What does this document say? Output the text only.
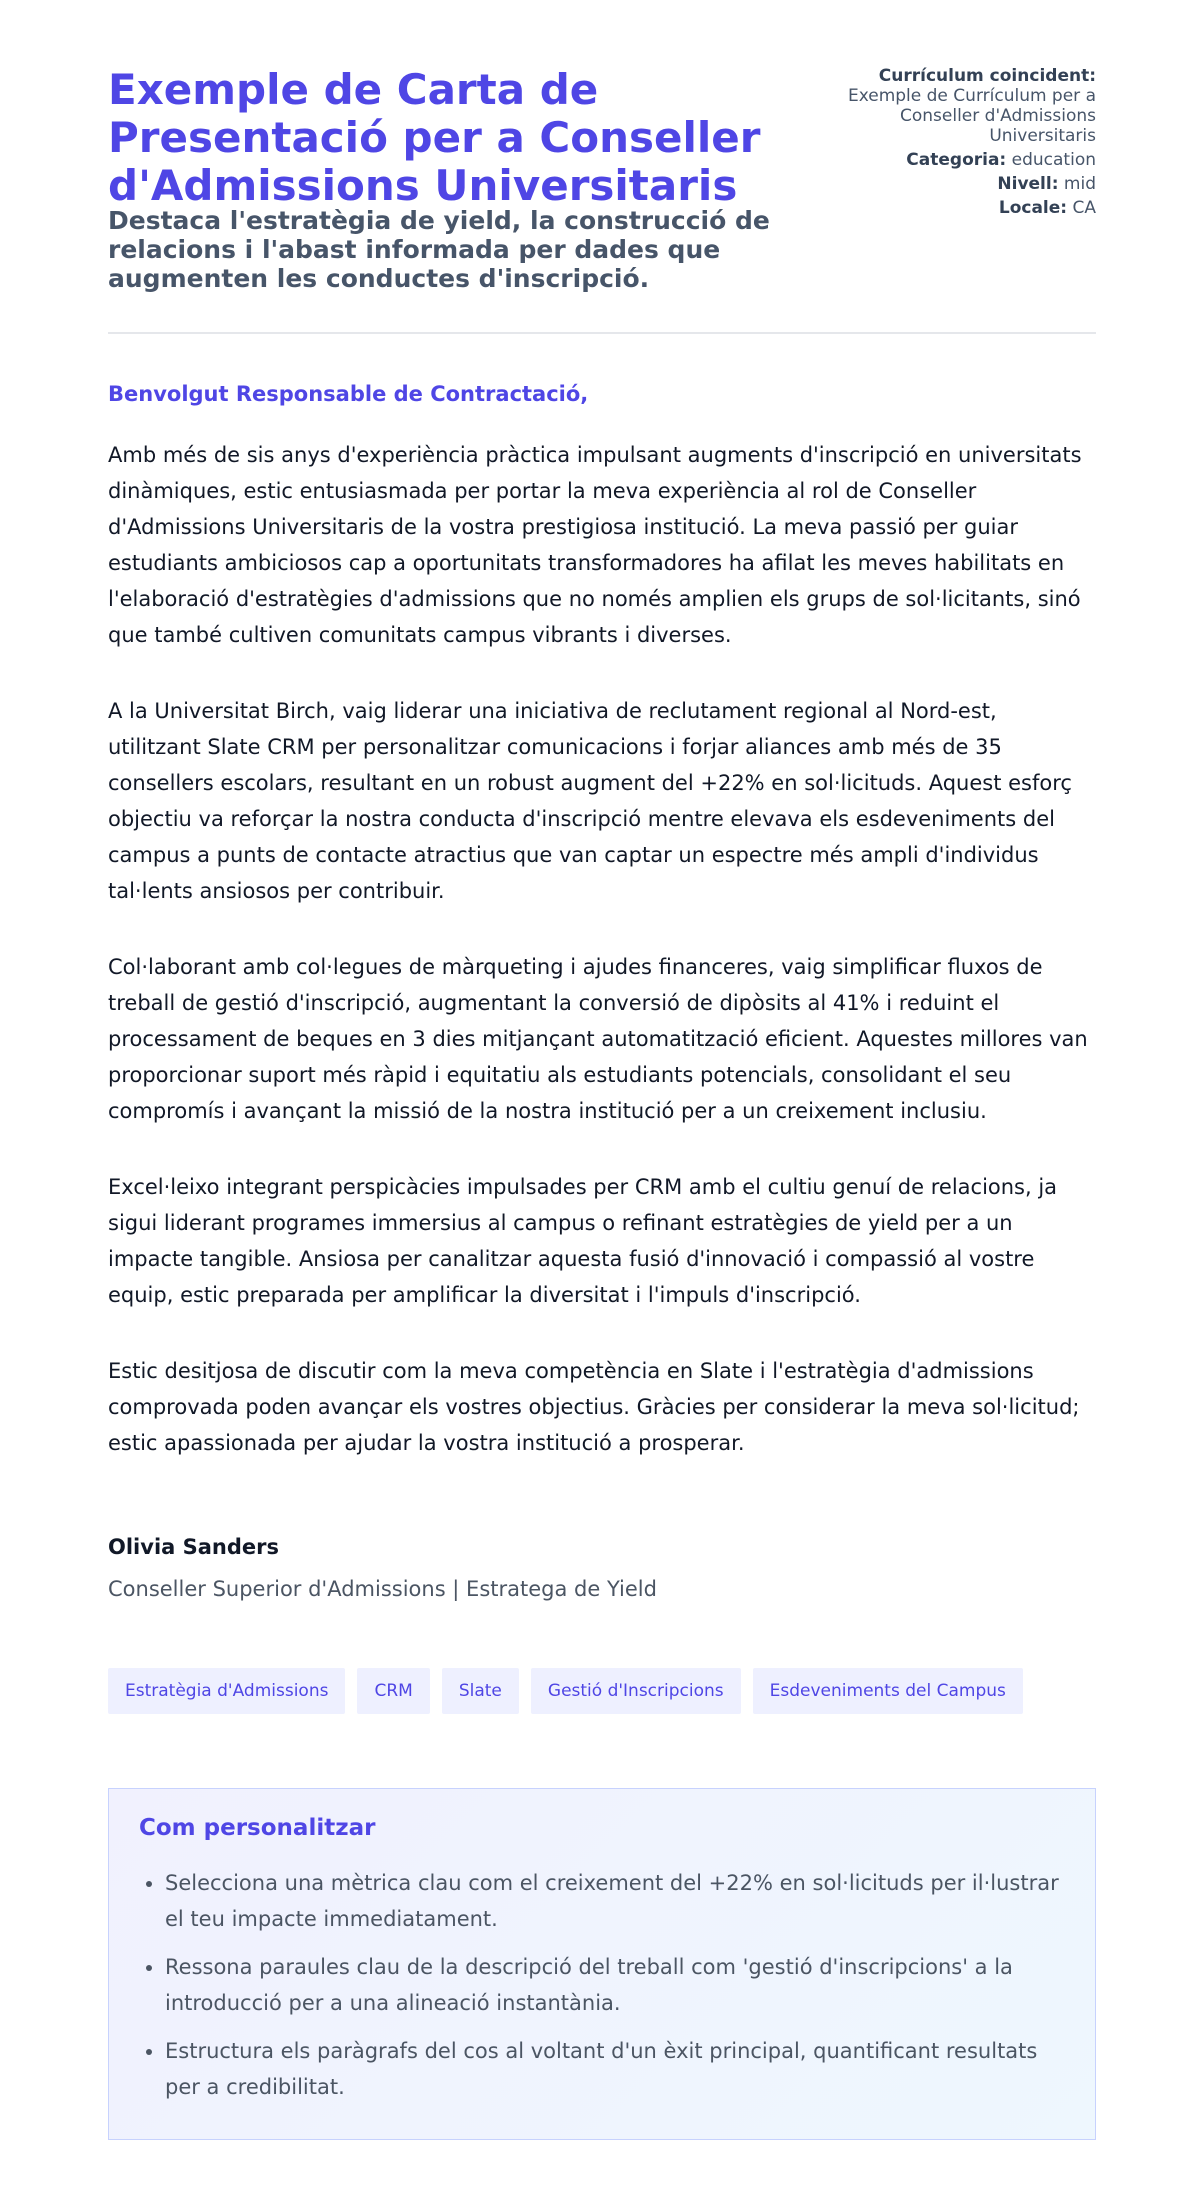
Exemple de Carta de Presentació per a Conseller d'Admissions Universitaris
Destaca l'estratègia de yield, la construcció de relacions i l'abast informada per dades que augmenten les conductes d'inscripció.
Currículum coincident:
Exemple de Currículum per a Conseller d'Admissions Universitaris
Categoria: education
Nivell: mid
Locale: CA
Benvolgut Responsable de Contractació,

Amb més de sis anys d'experiència pràctica impulsant augments d'inscripció en universitats dinàmiques, estic entusiasmada per portar la meva experiència al rol de Conseller d'Admissions Universitaris de la vostra prestigiosa institució. La meva passió per guiar estudiants ambiciosos cap a oportunitats transformadores ha afilat les meves habilitats en l'elaboració d'estratègies d'admissions que no només amplien els grups de sol·licitants, sinó que també cultiven comunitats campus vibrants i diverses.

A la Universitat Birch, vaig liderar una iniciativa de reclutament regional al Nord-est, utilitzant Slate CRM per personalitzar comunicacions i forjar aliances amb més de 35 consellers escolars, resultant en un robust augment del +22% en sol·licituds. Aquest esforç objectiu va reforçar la nostra conducta d'inscripció mentre elevava els esdeveniments del campus a punts de contacte atractius que van captar un espectre més ampli d'individus tal·lents ansiosos per contribuir.

Col·laborant amb col·legues de màrqueting i ajudes financeres, vaig simplificar fluxos de treball de gestió d'inscripció, augmentant la conversió de dipòsits al 41% i reduint el processament de beques en 3 dies mitjançant automatització eficient. Aquestes millores van proporcionar suport més ràpid i equitatiu als estudiants potencials, consolidant el seu compromís i avançant la missió de la nostra institució per a un creixement inclusiu.

Excel·leixo integrant perspicàcies impulsades per CRM amb el cultiu genuí de relacions, ja sigui liderant programes immersius al campus o refinant estratègies de yield per a un impacte tangible. Ansiosa per canalitzar aquesta fusió d'innovació i compassió al vostre equip, estic preparada per amplificar la diversitat i l'impuls d'inscripció.

Estic desitjosa de discutir com la meva competència en Slate i l'estratègia d'admissions comprovada poden avançar els vostres objectius. Gràcies per considerar la meva sol·licitud; estic apassionada per ajudar la vostra institució a prosperar.

Olivia Sanders
Conseller Superior d'Admissions | Estratega de Yield
Estratègia d'Admissions	CRM	Slate	Gestió d'Inscripcions	Esdeveniments del Campus
Com personalitzar
• Selecciona una mètrica clau com el creixement del +22% en sol·licituds per il·lustrar el teu impacte immediatament.
• Ressona paraules clau de la descripció del treball com 'gestió d'inscripcions' a la introducció per a una alineació instantània.
• Estructura els paràgrafs del cos al voltant d'un èxit principal, quantificant resultats per a credibilitat.
